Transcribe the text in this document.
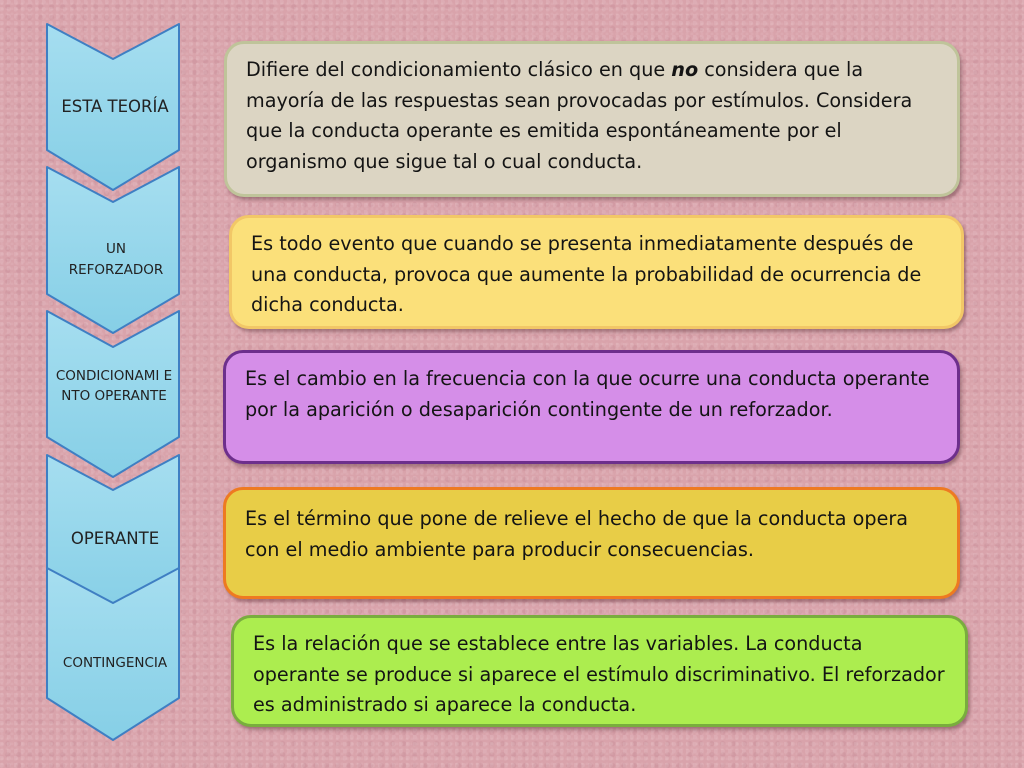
ESTA TEORÍA
UN REFORZADOR
CONDICIONAMI ENTO OPERANTE
OPERANTE
CONTINGENCIA
Difiere del condicionamiento clásico en que no considera que la mayoría de las respuestas sean provocadas por estímulos. Considera que la conducta operante es emitida espontáneamente por el organismo que sigue tal o cual conducta.
Es todo evento que cuando se presenta inmediatamente después de una conducta, provoca que aumente la probabilidad de ocurrencia de dicha conducta.
Es el cambio en la frecuencia con la que ocurre una conducta operante por la aparición o desaparición contingente de un reforzador.
Es el término que pone de relieve el hecho de que la conducta opera con el medio ambiente para producir consecuencias.
Es la relación que se establece entre las variables. La conducta operante se produce si aparece el estímulo discriminativo. El reforzador es administrado si aparece la conducta.
